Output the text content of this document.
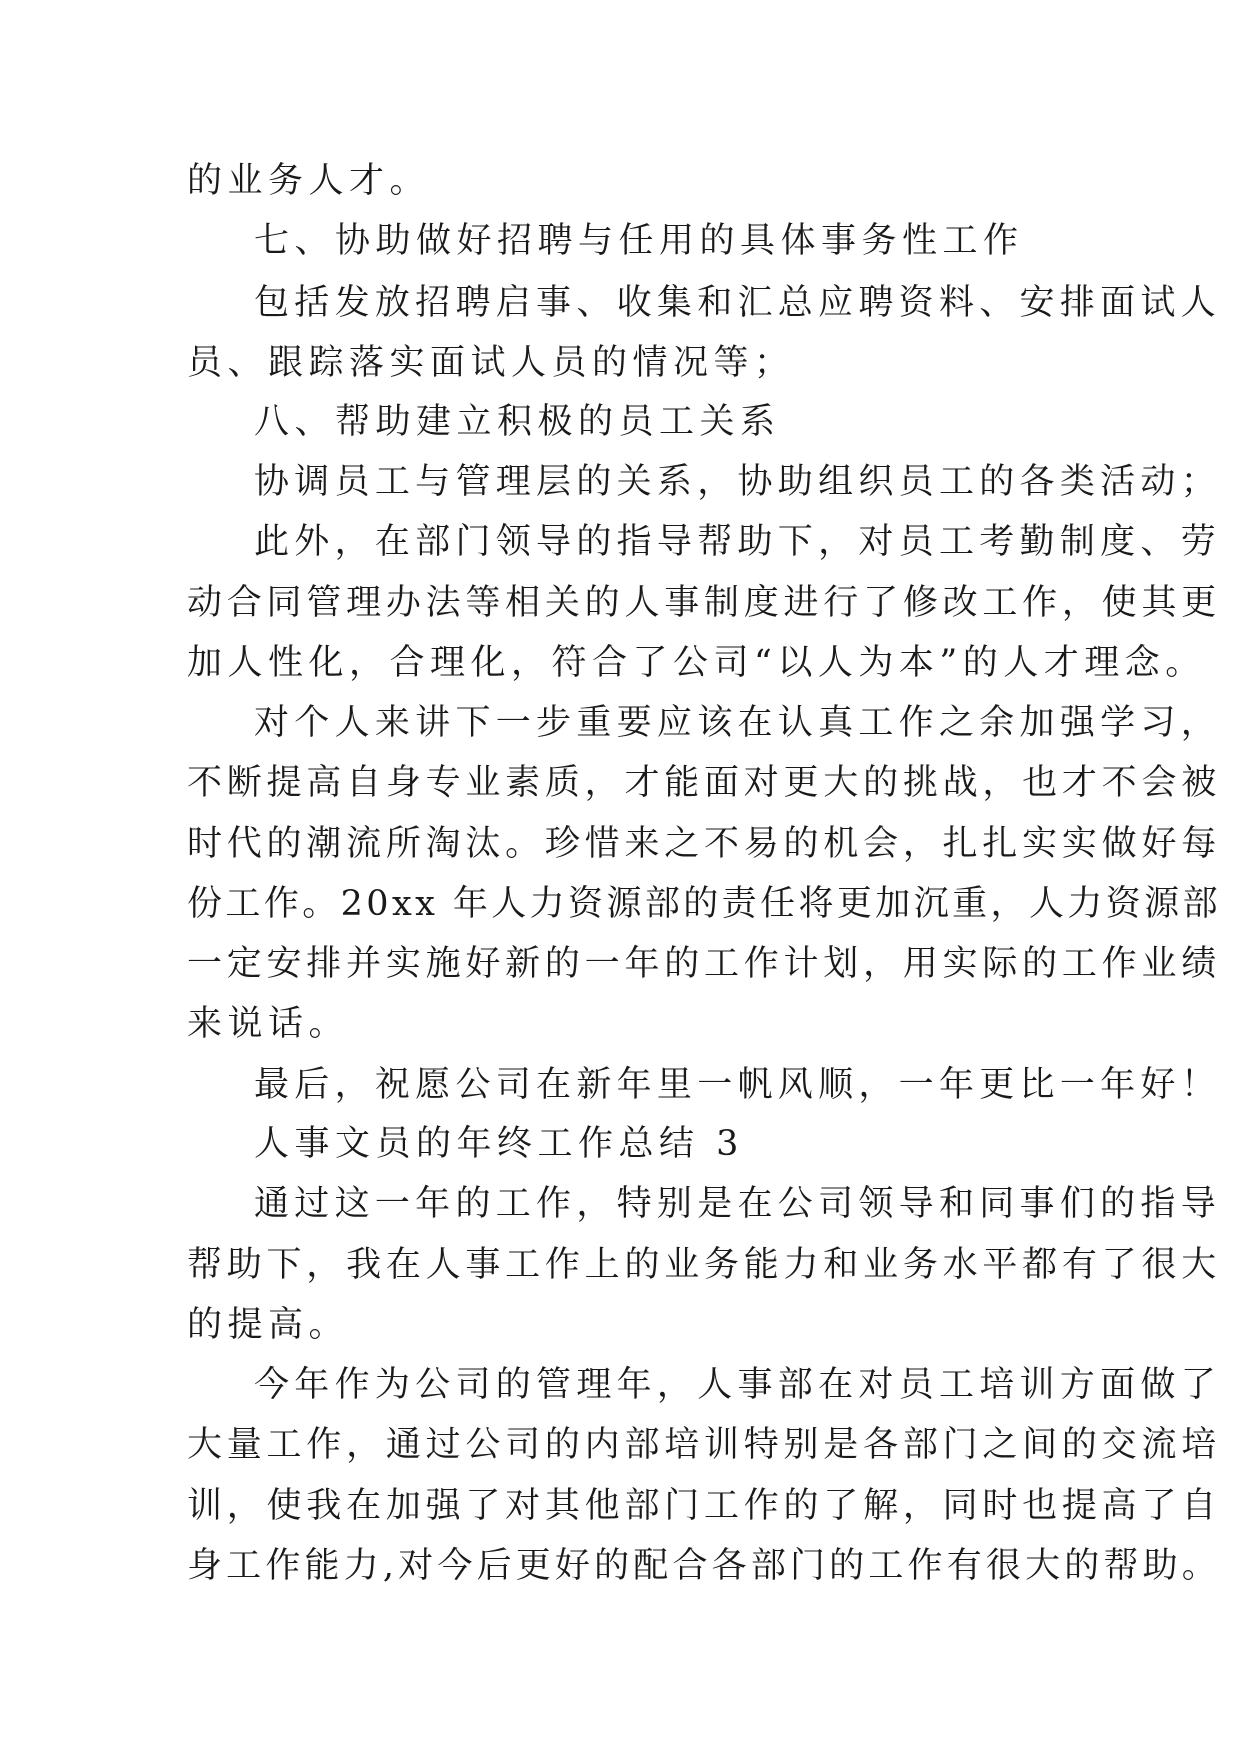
的业务人才。
七、协助做好招聘与任用的具体事务性工作
包括发放招聘启事、收集和汇总应聘资料、安排面试人
员、跟踪落实面试人员的情况等；
八、帮助建立积极的员工关系
协调员工与管理层的关系，协助组织员工的各类活动；
此外，在部门领导的指导帮助下，对员工考勤制度、劳
动合同管理办法等相关的人事制度进行了修改工作，使其更
加人性化，合理化，符合了公司“以人为本”的人才理念。
对个人来讲下一步重要应该在认真工作之余加强学习，
不断提高自身专业素质，才能面对更大的挑战，也才不会被
时代的潮流所淘汰。珍惜来之不易的机会，扎扎实实做好每
份工作。20xx 年人力资源部的责任将更加沉重，人力资源部
一定安排并实施好新的一年的工作计划，用实际的工作业绩
来说话。
最后，祝愿公司在新年里一帆风顺，一年更比一年好！
人事文员的年终工作总结 3
通过这一年的工作，特别是在公司领导和同事们的指导
帮助下，我在人事工作上的业务能力和业务水平都有了很大
的提高。
今年作为公司的管理年，人事部在对员工培训方面做了
大量工作，通过公司的内部培训特别是各部门之间的交流培
训，使我在加强了对其他部门工作的了解，同时也提高了自
身工作能力,对今后更好的配合各部门的工作有很大的帮助。
